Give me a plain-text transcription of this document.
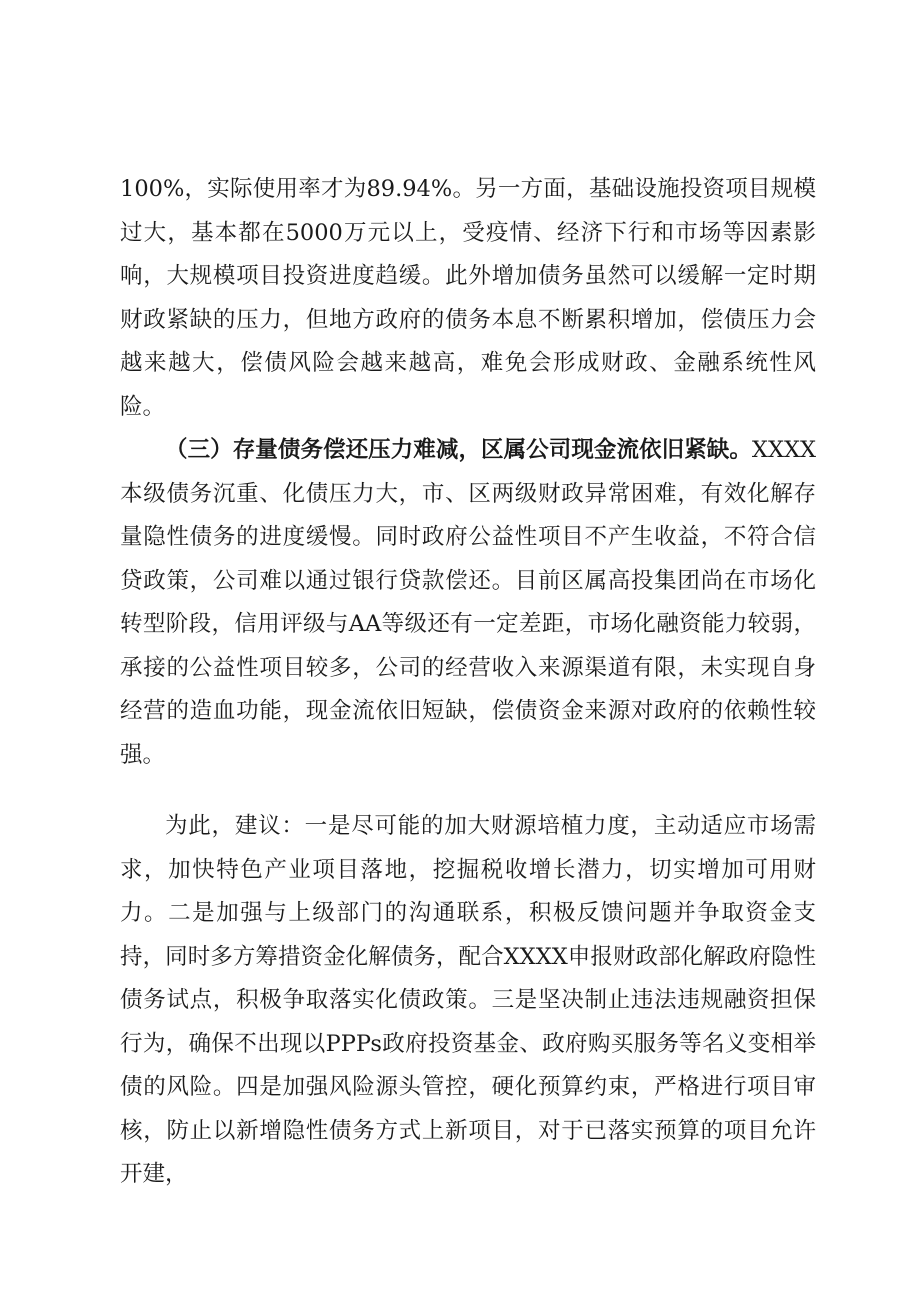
100%，实际使用率才为89.94%。另一方面，基础设施投资项目规模过大，基本都在5000万元以上，受疫情、经济下行和市场等因素影响，大规模项目投资进度趋缓。此外增加债务虽然可以缓解一定时期财政紧缺的压力，但地方政府的债务本息不断累积增加，偿债压力会越来越大，偿债风险会越来越高，难免会形成财政、金融系统性风险。

（三）存量债务偿还压力难减，区属公司现金流依旧紧缺。XXXX本级债务沉重、化债压力大，市、区两级财政异常困难，有效化解存量隐性债务的进度缓慢。同时政府公益性项目不产生收益，不符合信贷政策，公司难以通过银行贷款偿还。目前区属高投集团尚在市场化转型阶段，信用评级与AA等级还有一定差距，市场化融资能力较弱，承接的公益性项目较多，公司的经营收入来源渠道有限，未实现自身经营的造血功能，现金流依旧短缺，偿债资金来源对政府的依赖性较强。

为此，建议：一是尽可能的加大财源培植力度，主动适应市场需求，加快特色产业项目落地，挖掘税收增长潜力，切实增加可用财力。二是加强与上级部门的沟通联系，积极反馈问题并争取资金支持，同时多方筹措资金化解债务，配合XXXX申报财政部化解政府隐性债务试点，积极争取落实化债政策。三是坚决制止违法违规融资担保行为，确保不出现以PPPs政府投资基金、政府购买服务等名义变相举债的风险。四是加强风险源头管控，硬化预算约束，严格进行项目审核，防止以新增隐性债务方式上新项目，对于已落实预算的项目允许开建，
